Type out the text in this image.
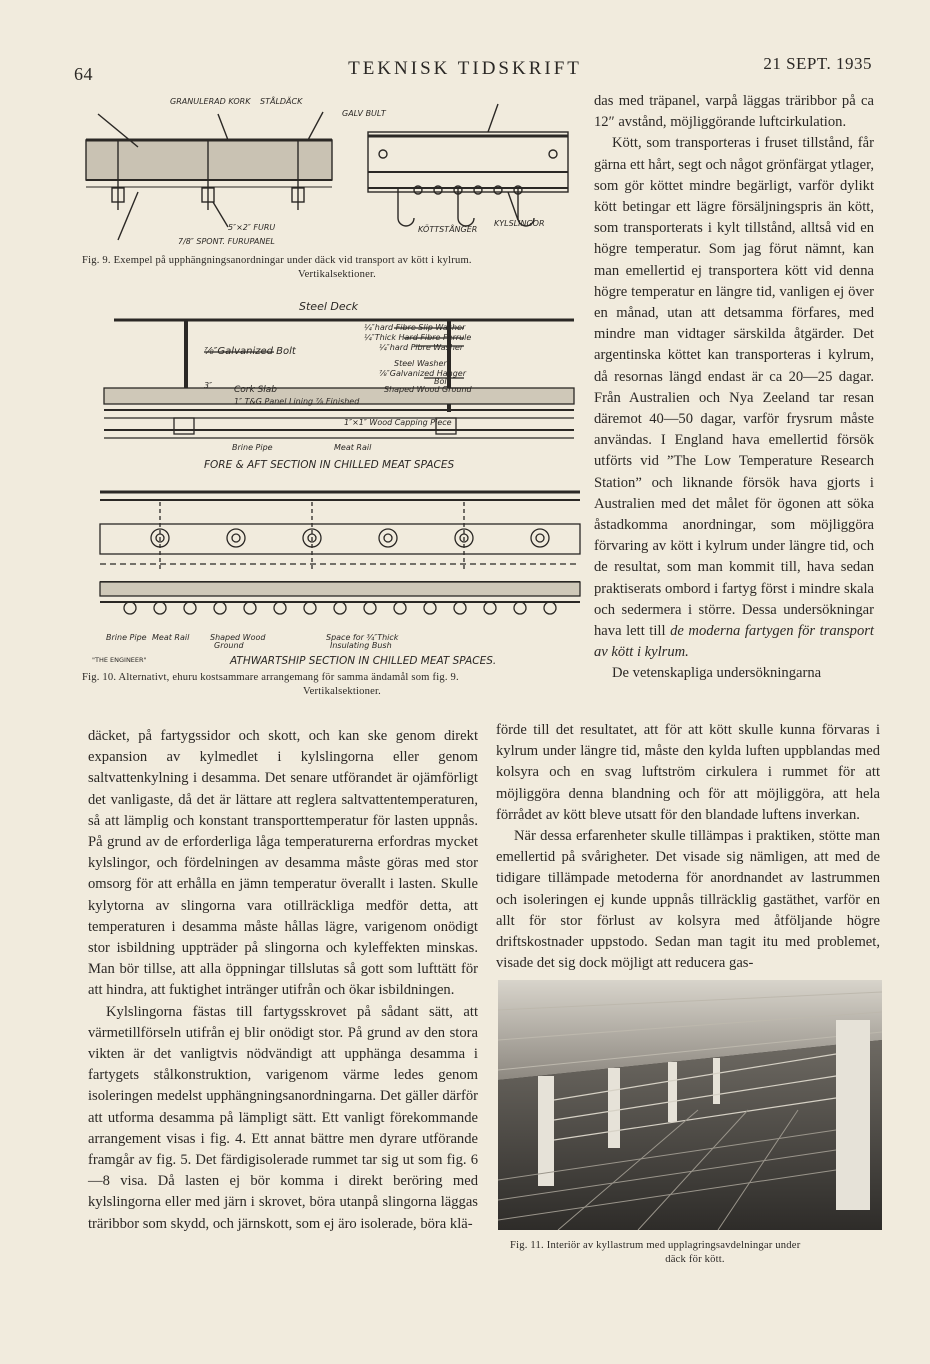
64	TEKNISK TIDSKRIFT	21 SEPT. 1935
GRANULERAD KORK STÅLDÄCK
GALV BULT
5″×2″ FURU
7/8″ SPONT. FURUPANEL
KÖTTSTÅNGER
KYLSLINGOR
Fig. 9. Exempel på upphängningsanordningar under däck vid transport av kött i kylrum.
Vertikalsektioner.
Steel Deck
¼″hard Fibre Slip Washer
¼″Thick Hard Fibre Ferrule
¼″hard Fibre Washer
⅞″Galvanized Bolt
Steel Washer
⅞″Galvanized Hanger
Bolt
Cork Slab	Shaped Wood Ground
3″
1″ T&G Panel Lining ⅞ Finished
1″×1″ Wood Capping Piece
Brine Pipe	Meat Rail
FORE & AFT SECTION IN CHILLED MEAT SPACES
Brine Pipe Meat Rail	Shaped Wood
Ground
Space for ¾″Thick
Insulating Bush
"THE ENGINEER"	ATHWARTSHIP SECTION IN CHILLED MEAT SPACES.
Fig. 10. Alternativt, ehuru kostsammare arrangemang för samma ändamål som fig. 9.
Vertikalsektioner.

das med träpanel, varpå läggas träribbor på ca 12″ avstånd, möjliggörande luftcirkulation.

Kött, som transporteras i fruset tillstånd, får gärna ett hårt, segt och något grönfärgat ytlager, som gör köttet mindre begärligt, varför dylikt kött betingar ett lägre försäljningspris än kött, som transporterats i kylt tillstånd, alltså vid en högre temperatur. Som jag förut nämnt, kan man emellertid ej transportera kött vid denna högre temperatur en längre tid, vanligen ej över en månad, utan att detsamma förfares, med mindre man vidtager särskilda åtgärder. Det argentinska köttet kan transporteras i kylrum, då resornas längd endast är ca 20—25 dagar. Från Australien och Nya Zeeland tar resan däremot 40—50 dagar, varför frysrum måste användas. I England hava emellertid försök utförts vid ”The Low Temperature Research Station” och liknande försök hava gjorts i Australien med det målet för ögonen att söka åstadkomma anordningar, som möjliggöra förvaring av kött i kylrum under längre tid, och de resultat, som man kommit till, hava sedan praktiserats ombord i fartyg först i mindre skala och sedermera i större. Dessa undersökningar hava lett till de moderna fartygen för transport av kött i kylrum.

De vetenskapliga undersökningarna

förde till det resultatet, att för att kött skulle kunna förvaras i kylrum under längre tid, måste den kylda luften uppblandas med kolsyra och en svag luftström cirkulera i rummet för att möjliggöra denna blandning och för att möjliggöra, att hela förrådet av kött bleve utsatt för den blandade luftens inverkan.

När dessa erfarenheter skulle tillämpas i praktiken, stötte man emellertid på svårigheter. Det visade sig nämligen, att med de tidigare tillämpade metoderna för anordnandet av lastrummen och isoleringen ej kunde uppnås tillräcklig gastäthet, varför en allt för stor förlust av kolsyra med åtföljande högre driftskostnader uppstodo. Sedan man tagit itu med problemet, visade det sig dock möjligt att reducera gas-

däcket, på fartygssidor och skott, och kan ske genom direkt expansion av kylmedlet i kylslingorna eller genom saltvattenkylning i desamma. Det senare utförandet är ojämförligt det vanligaste, då det är lättare att reglera saltvattentemperaturen, så att lämplig och konstant transporttemperatur för lasten uppnås. På grund av de erforderliga låga temperaturerna erfordras mycket kylslingor, och fördelningen av desamma måste göras med stor omsorg för att erhålla en jämn temperatur överallt i lasten. Skulle kylytorna av slingorna vara otillräckliga medför detta, att temperaturen i desamma måste hållas lägre, varigenom onödigt stor isbildning uppträder på slingorna och kyleffekten minskas. Man bör tillse, att alla öppningar tillslutas så gott som lufttätt för att hindra, att fuktighet intränger utifrån och ökar isbildningen.

Kylslingorna fästas till fartygsskrovet på sådant sätt, att värmetillförseln utifrån ej blir onödigt stor. På grund av den stora vikten är det vanligtvis nödvändigt att upphänga desamma i fartygets stålkonstruktion, varigenom värme ledes genom isoleringen medelst upphängningsanordningarna. Det gäller därför att utforma desamma på lämpligt sätt. Ett vanligt förekommande arrangement visas i fig. 4. Ett annat bättre men dyrare utförande framgår av fig. 5. Det färdigisolerade rummet tar sig ut som fig. 6—8 visa. Då lasten ej bör komma i direkt beröring med kylslingorna eller med järn i skrovet, böra utanpå slingorna läggas träribbor som skydd, och järnskott, som ej äro isolerade, böra klä-

Fig. 11. Interiör av kyllastrum med upplagringsavdelningar under
däck för kött.
